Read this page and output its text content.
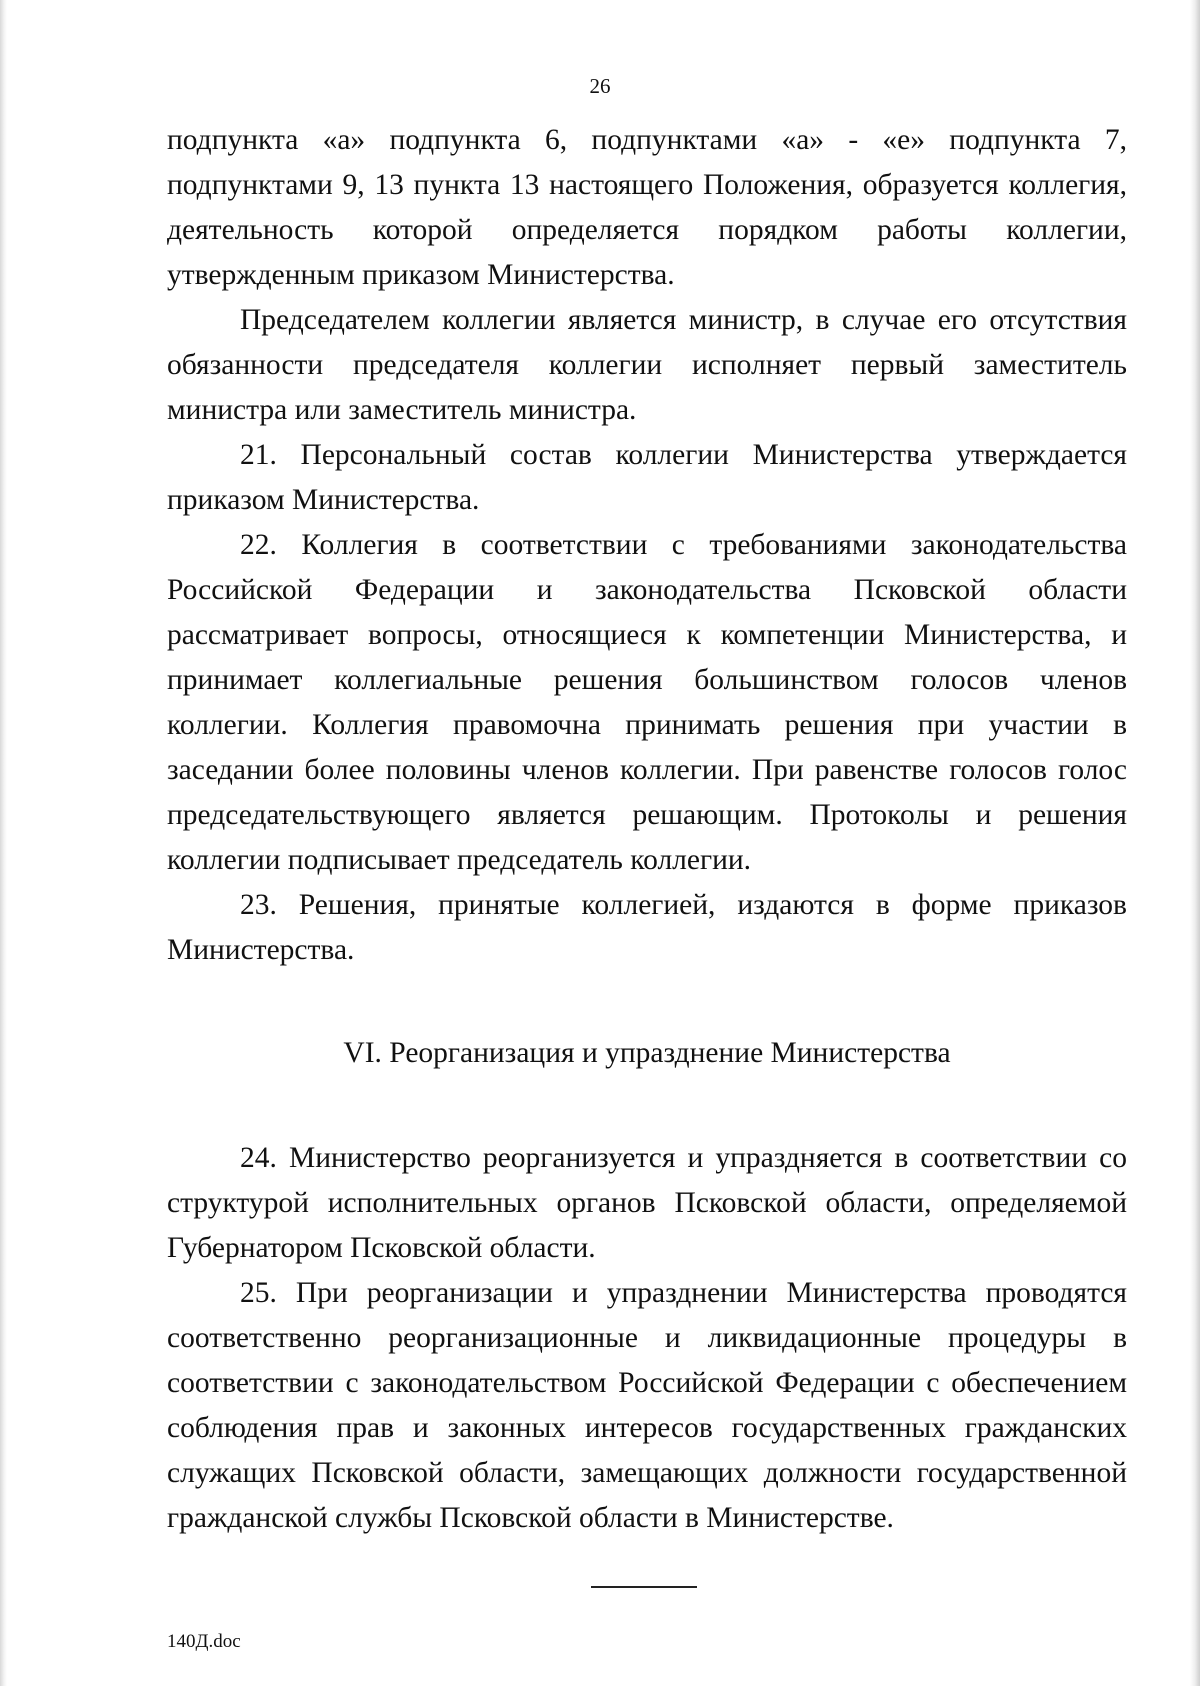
26

подпункта «а» подпункта 6, подпунктами «а» - «е» подпункта 7, подпунктами 9, 13 пункта 13 настоящего Положения, образуется коллегия, деятельность которой определяется порядком работы коллегии, утвержденным приказом Министерства.

Председателем коллегии является министр, в случае его отсутствия обязанности председателя коллегии исполняет первый заместитель министра или заместитель министра.

21. Персональный состав коллегии Министерства утверждается приказом Министерства.

22. Коллегия в соответствии с требованиями законодательства Российской Федерации и законодательства Псковской области рассматривает вопросы, относящиеся к компетенции Министерства, и принимает коллегиальные решения большинством голосов членов коллегии. Коллегия правомочна принимать решения при участии в заседании более половины членов коллегии. При равенстве голосов голос председательствующего является решающим. Протоколы и решения коллегии подписывает председатель коллегии.

23. Решения, принятые коллегией, издаются в форме приказов Министерства.

VI. Реорганизация и упразднение Министерства

24. Министерство реорганизуется и упраздняется в соответствии со структурой исполнительных органов Псковской области, определяемой Губернатором Псковской области.

25. При реорганизации и упразднении Министерства проводятся соответственно реорганизационные и ликвидационные процедуры в соответствии с законодательством Российской Федерации с обеспечением соблюдения прав и законных интересов государственных гражданских служащих Псковской области, замещающих должности государственной гражданской службы Псковской области в Министерстве.

140Д.doc
